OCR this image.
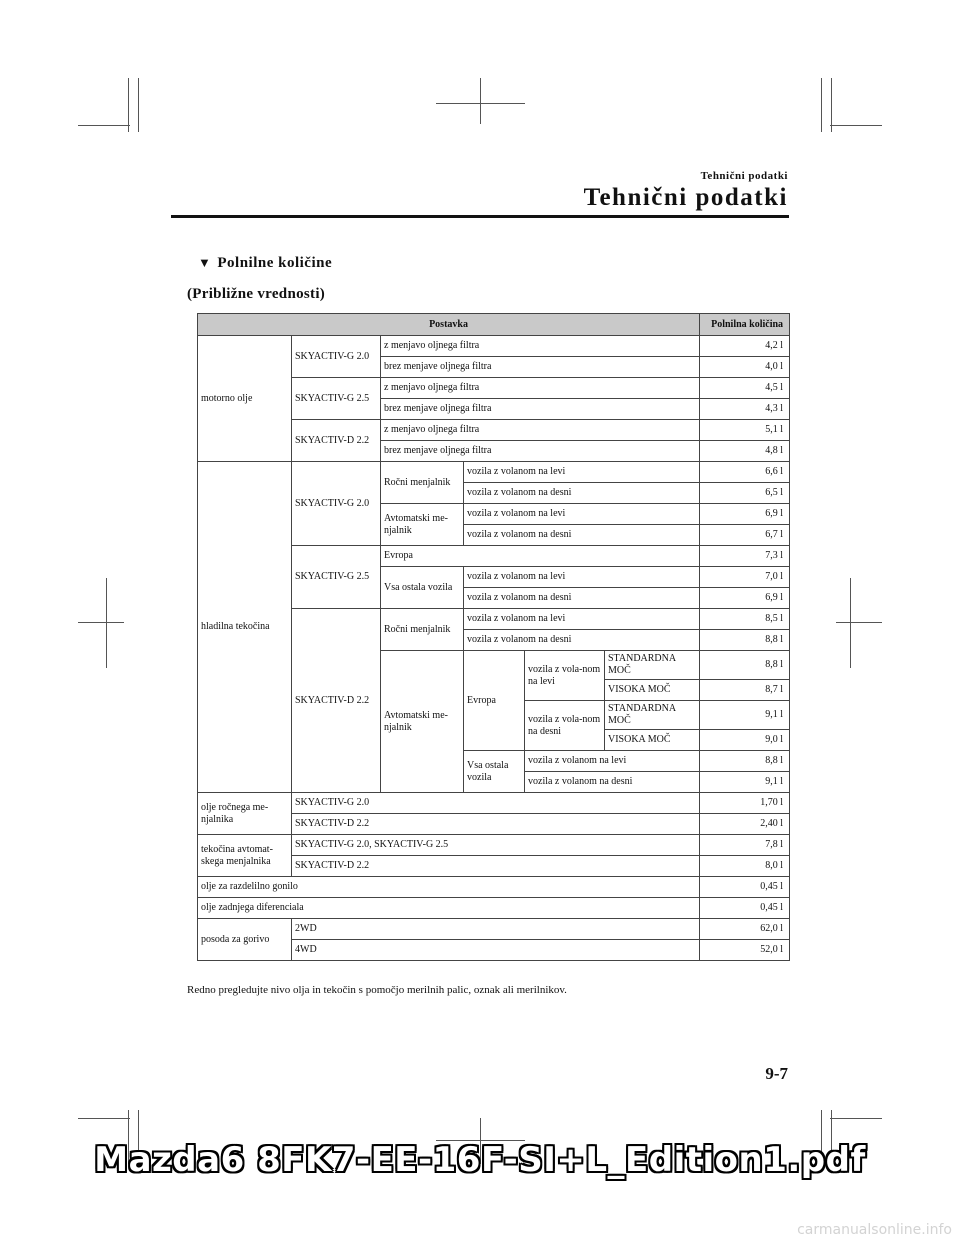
Tehnični podatki
Tehnični podatki
▼ Polnilne količine
(Približne vrednosti)
Postavka						Polnilna količina
motorno olje	SKYACTIV-G 2.0	z menjavo oljnega filtra				4,2 l
		brez menjave oljnega filtra				4,0 l
	SKYACTIV-G 2.5	z menjavo oljnega filtra				4,5 l
		brez menjave oljnega filtra				4,3 l
	SKYACTIV-D 2.2	z menjavo oljnega filtra				5,1 l
		brez menjave oljnega filtra				4,8 l
hladilna tekočina	SKYACTIV-G 2.0	Ročni menjalnik	vozila z volanom na levi			6,6 l
			vozila z volanom na desni			6,5 l
		Avtomatski me-njalnik	vozila z volanom na levi			6,9 l
			vozila z volanom na desni			6,7 l
	SKYACTIV-G 2.5	Evropa				7,3 l
		Vsa ostala vozila	vozila z volanom na levi			7,0 l
			vozila z volanom na desni			6,9 l
	SKYACTIV-D 2.2	Ročni menjalnik	vozila z volanom na levi			8,5 l
			vozila z volanom na desni			8,8 l
		Avtomatski me-njalnik	Evropa	vozila z vola-nom na levi	STANDARDNA MOČ	8,8 l

					VISOKA MOČ	8,7 l
				vozila z vola-nom na desni	STANDARDNA MOČ	9,1 l

					VISOKA MOČ	9,0 l
			Vsa ostala vozila	vozila z volanom na levi		8,8 l
				vozila z volanom na desni		9,1 l
olje ročnega me-njalnika	SKYACTIV-G 2.0					1,70 l
	SKYACTIV-D 2.2					2,40 l
tekočina avtomat-skega menjalnika	SKYACTIV-G 2.0, SKYACTIV-G 2.5					7,8 l
	SKYACTIV-D 2.2					8,0 l
olje za razdelilno gonilo						0,45 l
olje zadnjega diferenciala						0,45 l
posoda za gorivo	2WD					62,0 l
	4WD					52,0 l
Redno pregledujte nivo olja in tekočin s pomočjo merilnih palic, oznak ali merilnikov.
9-7
Mazda6 8FK7-EE-16F-SI+L_Edition1.pdf
carmanualsonline.info
